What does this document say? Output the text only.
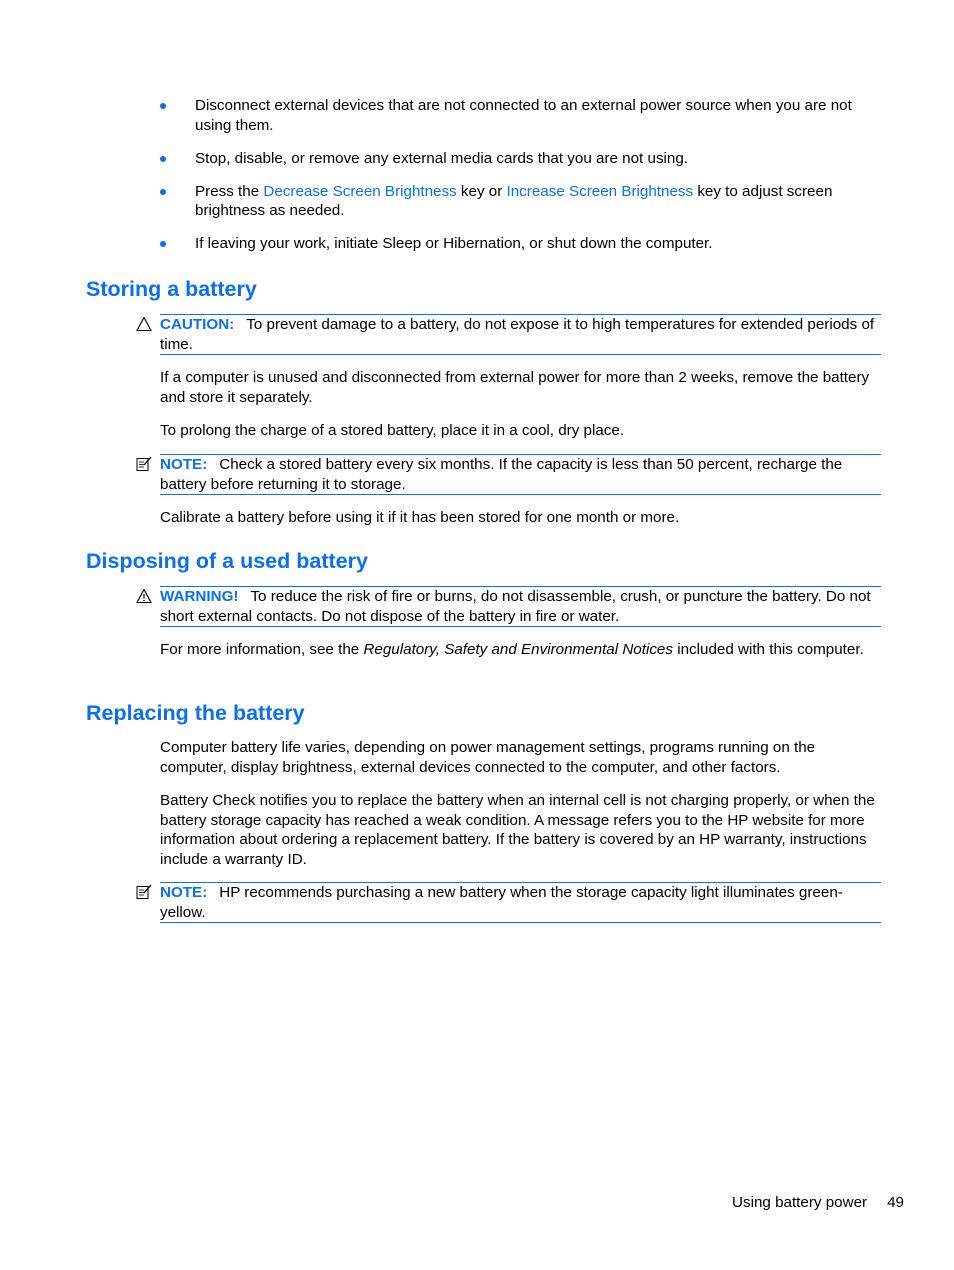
Disconnect external devices that are not connected to an external power source when you are not using them.
Stop, disable, or remove any external media cards that you are not using.
Press the Decrease Screen Brightness key or Increase Screen Brightness key to adjust screen brightness as needed.
If leaving your work, initiate Sleep or Hibernation, or shut down the computer.
Storing a battery
CAUTION: To prevent damage to a battery, do not expose it to high temperatures for extended periods of time.

If a computer is unused and disconnected from external power for more than 2 weeks, remove the battery and store it separately.

To prolong the charge of a stored battery, place it in a cool, dry place.

NOTE: Check a stored battery every six months. If the capacity is less than 50 percent, recharge the battery before returning it to storage.

Calibrate a battery before using it if it has been stored for one month or more.

Disposing of a used battery
WARNING! To reduce the risk of fire or burns, do not disassemble, crush, or puncture the battery. Do not short external contacts. Do not dispose of the battery in fire or water.

For more information, see the Regulatory, Safety and Environmental Notices included with this computer.

Replacing the battery

Computer battery life varies, depending on power management settings, programs running on the computer, display brightness, external devices connected to the computer, and other factors.

Battery Check notifies you to replace the battery when an internal cell is not charging properly, or when the battery storage capacity has reached a weak condition. A message refers you to the HP website for more information about ordering a replacement battery. If the battery is covered by an HP warranty, instructions include a warranty ID.

NOTE: HP recommends purchasing a new battery when the storage capacity light illuminates green-yellow.
Using battery power 49
